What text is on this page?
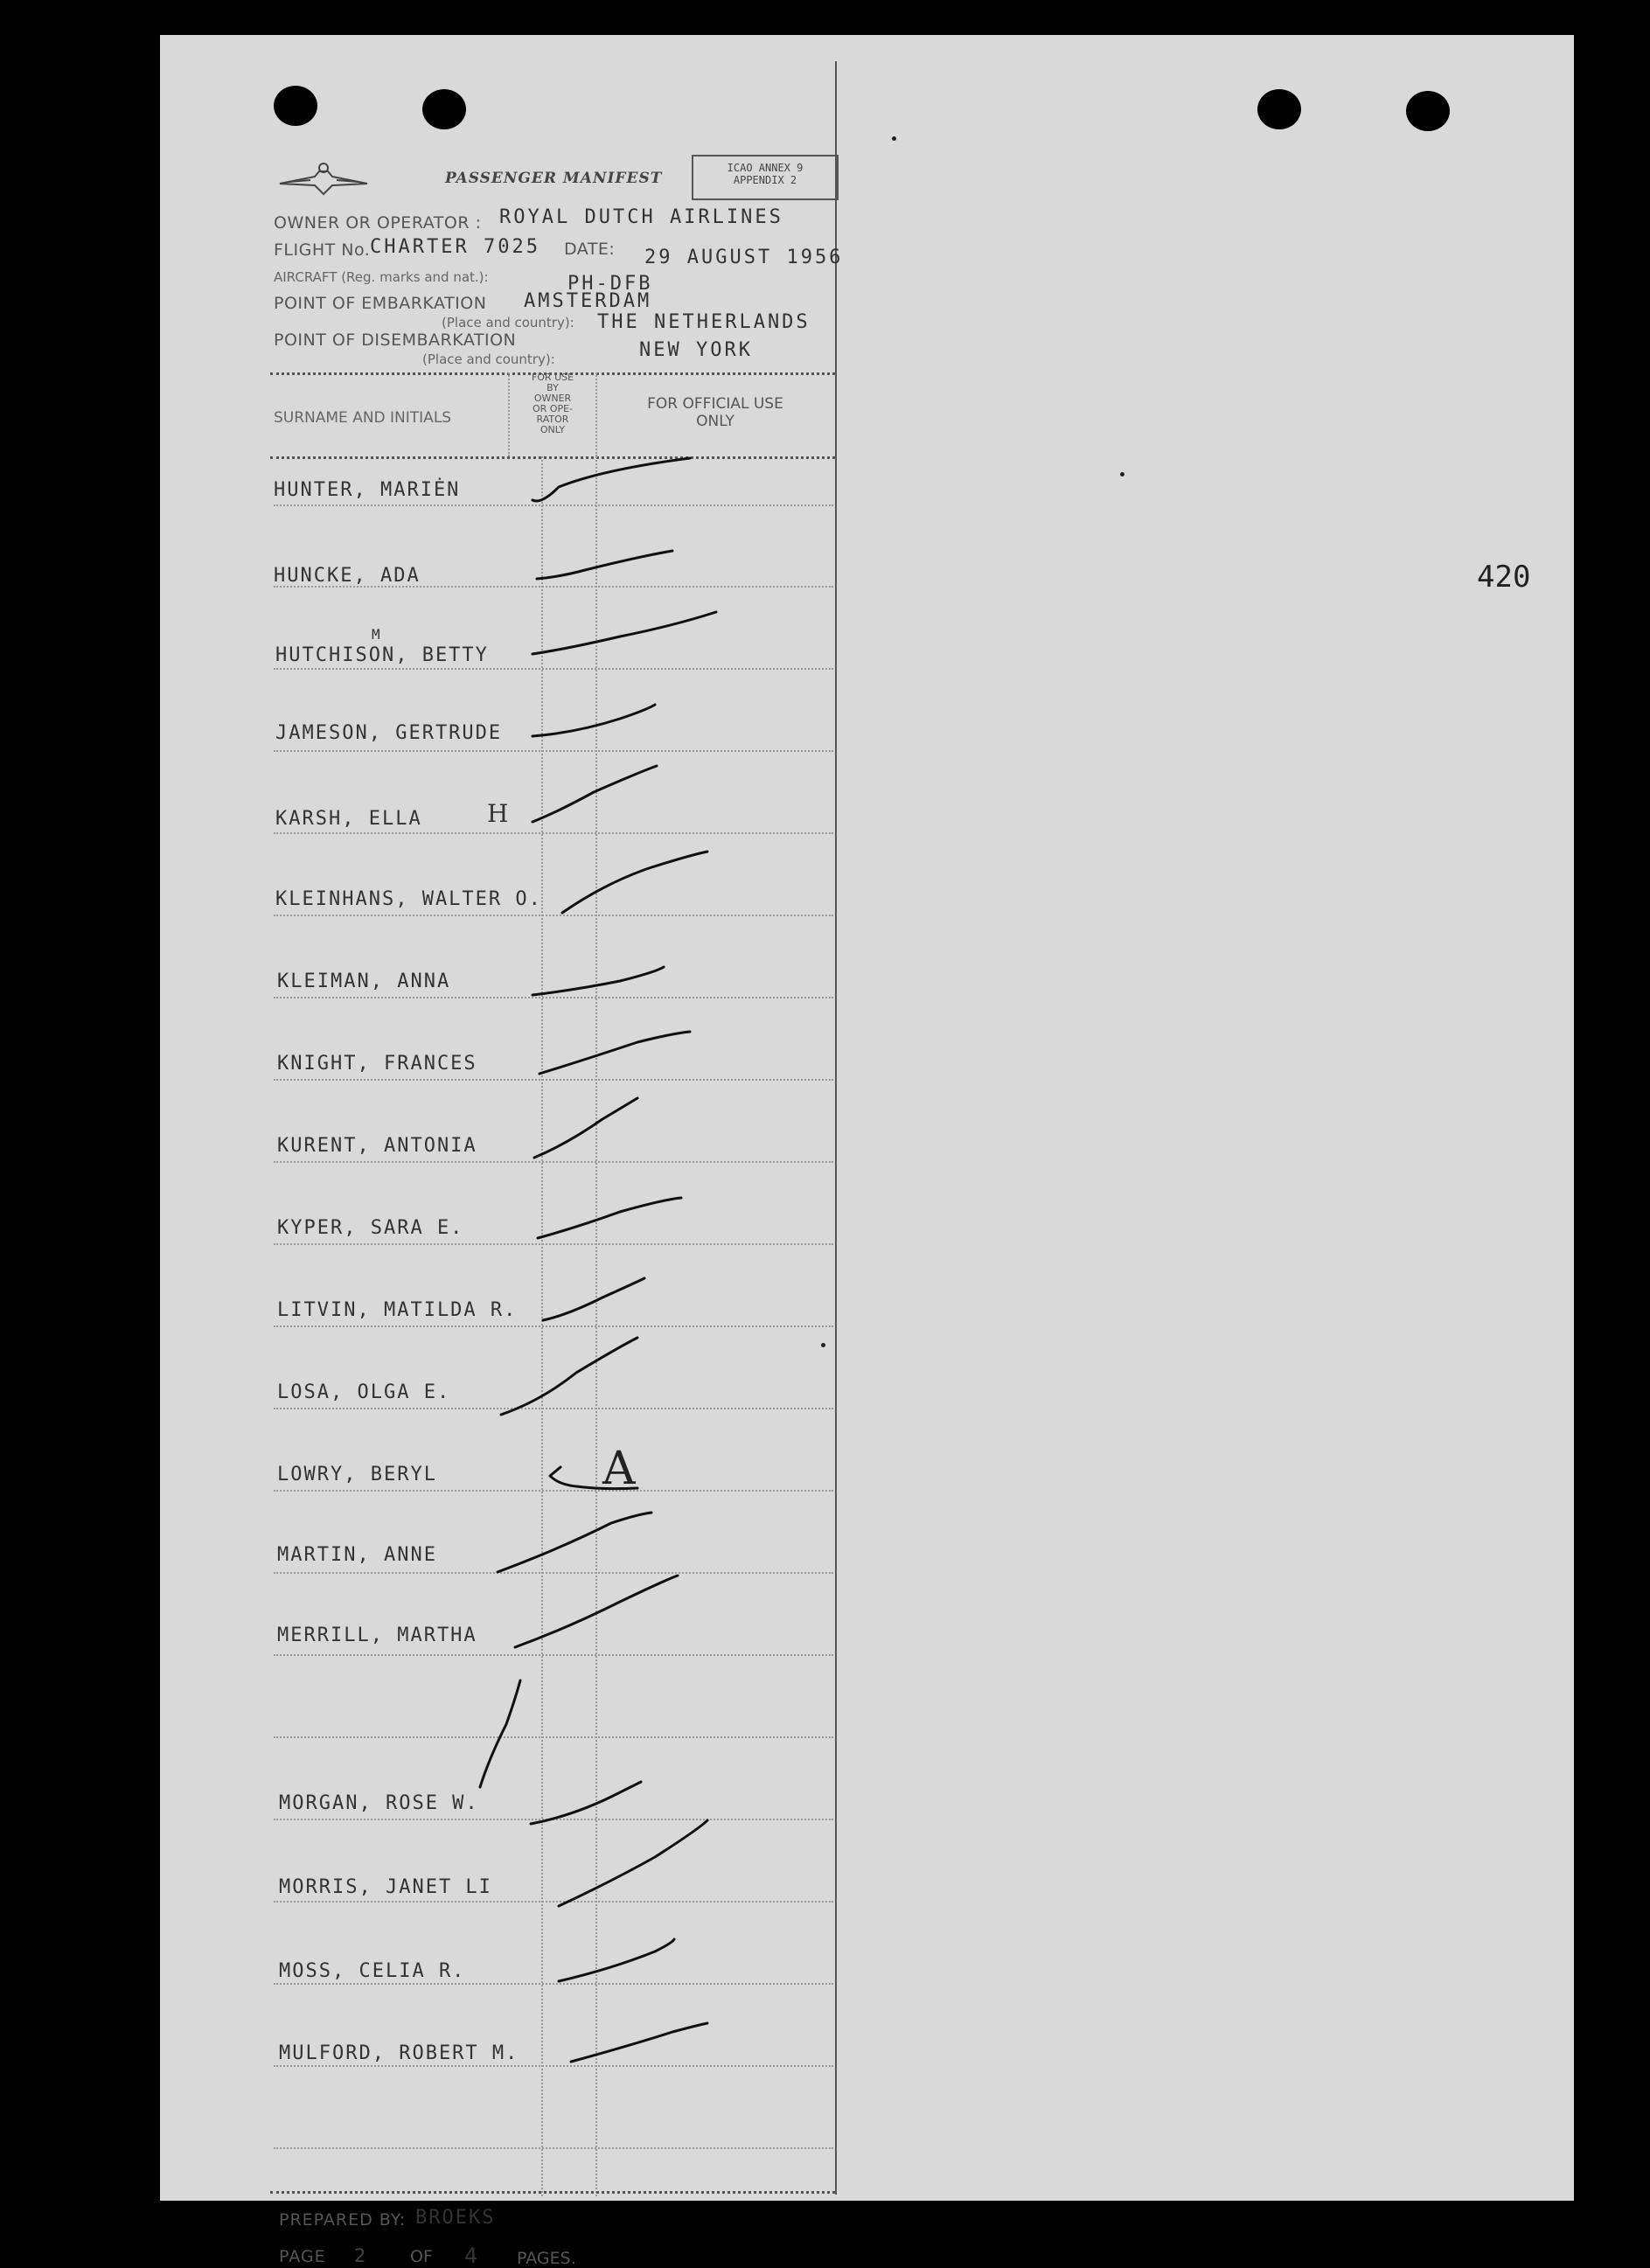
420
PASSENGER MANIFEST
ICAO ANNEX 9
APPENDIX 2
OWNER OR OPERATOR : ROYAL DUTCH AIRLINES
FLIGHT No. CHARTER 7025 DATE: 29 AUGUST 1956
AIRCRAFT (Reg. marks and nat.):	PH-DFB
POINT OF EMBARKATION AMSTERDAM
(Place and country): THE NETHERLANDS
POINT OF DISEMBARKATION
(Place and country):	NEW YORK
SURNAME AND INITIALS
FOR USE
BY
OWNER
OR OPE-
RATOR
ONLY
FOR OFFICIAL USE
ONLY
HUNTER, MARIĖN
HUNCKE, ADA
HUTCHISON, BETTY
M
JAMESON, GERTRUDE
KARSH, ELLA	H
KLEINHANS, WALTER O.
KLEIMAN, ANNA
KNIGHT, FRANCES
KURENT, ANTONIA
KYPER, SARA E.
LITVIN, MATILDA R.
LOSA, OLGA E.
LOWRY, BERYL	A
MARTIN, ANNE
MERRILL, MARTHA
MORGAN, ROSE W.
MORRIS, JANET LI
MOSS, CELIA R.
MULFORD, ROBERT M.
PREPARED BY: BROEKS
PAGE 2	OF 4 PAGES.
